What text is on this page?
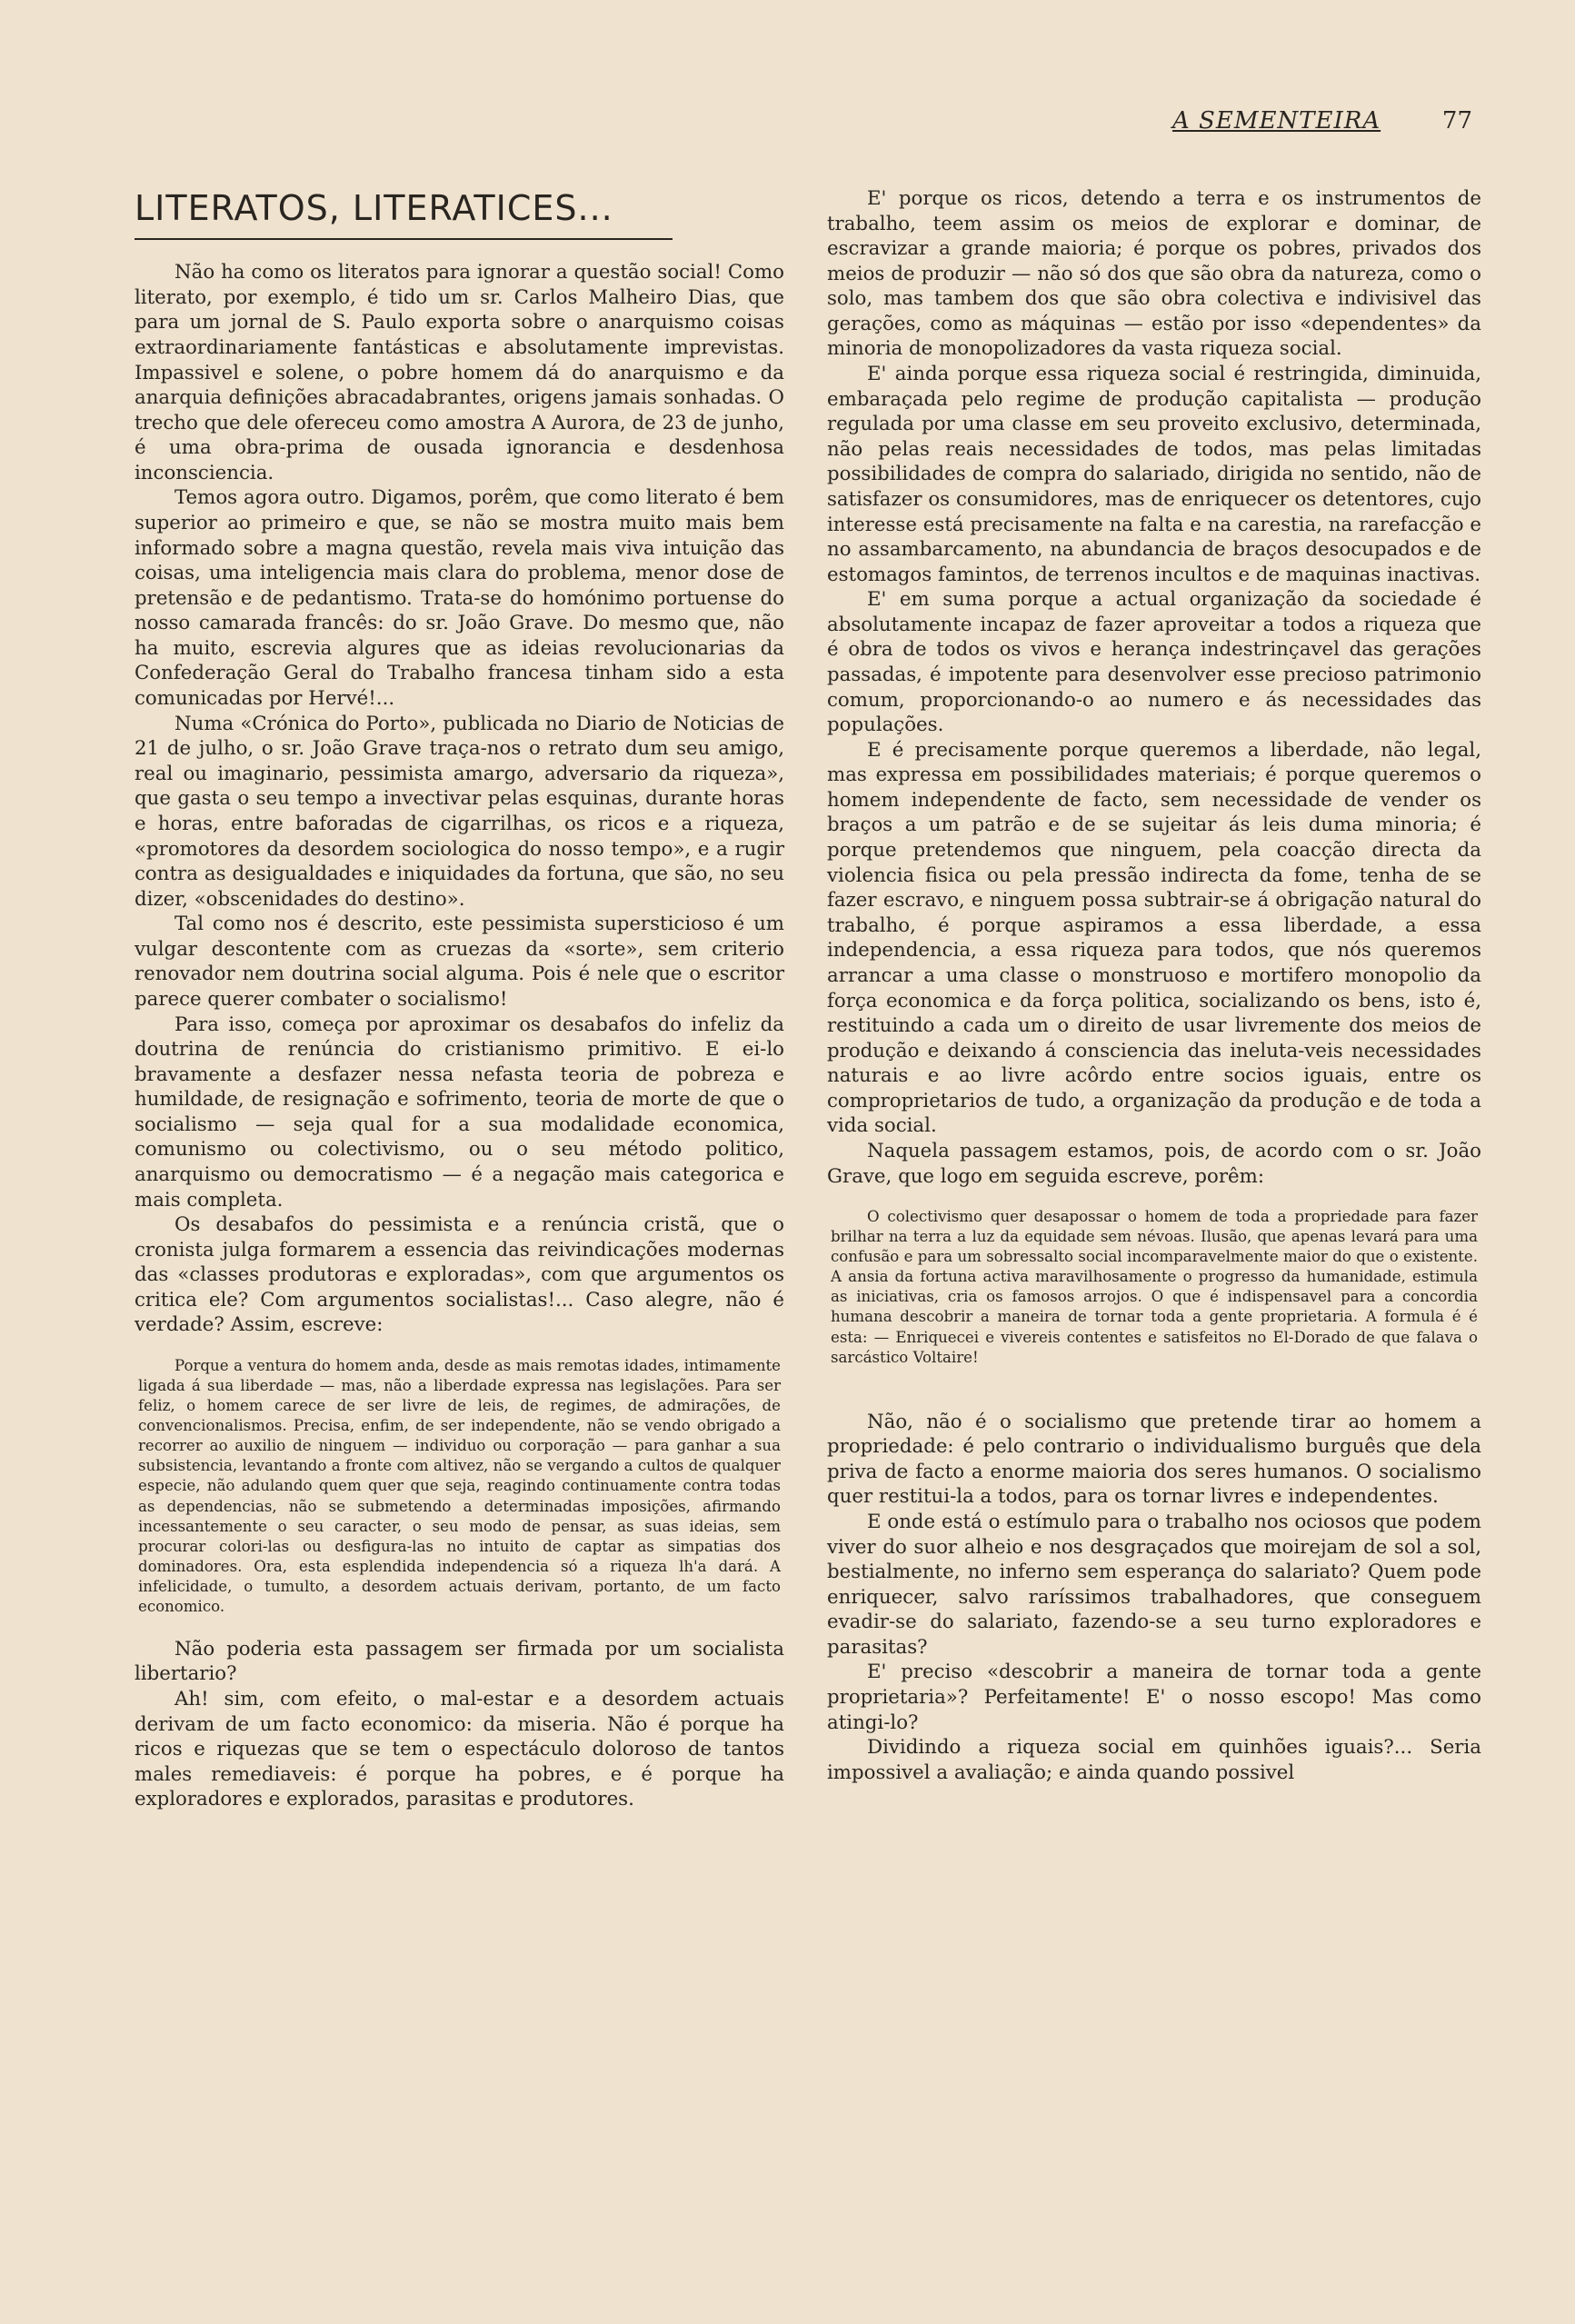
A SEMENTEIRA	77
LITERATOS, LITERATICES...

Não ha como os literatos para ignorar a questão social! Como literato, por exemplo, é tido um sr. Carlos Malheiro Dias, que para um jornal de S. Paulo exporta sobre o anarquismo coisas extraordinariamente fantásticas e absolutamente imprevistas. Impassivel e solene, o pobre homem dá do anarquismo e da anarquia definições abracadabrantes, origens jamais sonhadas. O trecho que dele ofereceu como amostra A Aurora, de 23 de junho, é uma obra-prima de ousada ignorancia e desdenhosa inconsciencia.

Temos agora outro. Digamos, porêm, que como literato é bem superior ao primeiro e que, se não se mostra muito mais bem informado sobre a magna questão, revela mais viva intuição das coisas, uma inteligencia mais clara do problema, menor dose de pretensão e de pedantismo. Trata-se do homónimo portuense do nosso camarada francês: do sr. João Grave. Do mesmo que, não ha muito, escrevia algures que as ideias revolucionarias da Confederação Geral do Trabalho francesa tinham sido a esta comunicadas por Hervé!...

Numa «Crónica do Porto», publicada no Diario de Noticias de 21 de julho, o sr. João Grave traça-nos o retrato dum seu amigo, real ou imaginario, pessimista amargo, adversario da riqueza», que gasta o seu tempo a invectivar pelas esquinas, durante horas e horas, entre baforadas de cigarrilhas, os ricos e a riqueza, «promotores da desordem sociologica do nosso tempo», e a rugir contra as desigualdades e iniquidades da fortuna, que são, no seu dizer, «obscenidades do destino».

Tal como nos é descrito, este pessimista supersticioso é um vulgar descontente com as cruezas da «sorte», sem criterio renovador nem doutrina social alguma. Pois é nele que o escritor parece querer combater o socialismo!

Para isso, começa por aproximar os desabafos do infeliz da doutrina de renúncia do cristianismo primitivo. E ei-lo bravamente a desfazer nessa nefasta teoria de pobreza e humildade, de resignação e sofrimento, teoria de morte de que o socialismo — seja qual for a sua modalidade economica, comunismo ou colectivismo, ou o seu método politico, anarquismo ou democratismo — é a negação mais categorica e mais completa.

Os desabafos do pessimista e a renúncia cristã, que o cronista julga formarem a essencia das reivindicações modernas das «classes produtoras e exploradas», com que argumentos os critica ele? Com argumentos socialistas!... Caso alegre, não é verdade? Assim, escreve:

Porque a ventura do homem anda, desde as mais remotas idades, intimamente ligada á sua liberdade — mas, não a liberdade expressa nas legislações. Para ser feliz, o homem carece de ser livre de leis, de regimes, de admirações, de convencionalismos. Precisa, enfim, de ser independente, não se vendo obrigado a recorrer ao auxilio de ninguem — individuo ou corporação — para ganhar a sua subsistencia, levantando a fronte com altivez, não se vergando a cultos de qualquer especie, não adulando quem quer que seja, reagindo continuamente contra todas as dependencias, não se submetendo a determinadas imposições, afirmando incessantemente o seu caracter, o seu modo de pensar, as suas ideias, sem procurar colori-las ou desfigura-las no intuito de captar as simpatias dos dominadores. Ora, esta esplendida independencia só a riqueza lh'a dará. A infelicidade, o tumulto, a desordem actuais derivam, portanto, de um facto economico.

Não poderia esta passagem ser firmada por um socialista libertario?

Ah! sim, com efeito, o mal-estar e a desordem actuais derivam de um facto economico: da miseria. Não é porque ha ricos e riquezas que se tem o espectáculo doloroso de tantos males remediaveis: é porque ha pobres, e é porque ha exploradores e explorados, parasitas e produtores.

E' porque os ricos, detendo a terra e os instrumentos de trabalho, teem assim os meios de explorar e dominar, de escravizar a grande maioria; é porque os pobres, privados dos meios de produzir — não só dos que são obra da natureza, como o solo, mas tambem dos que são obra colectiva e indivisivel das gerações, como as máquinas — estão por isso «dependentes» da minoria de monopolizadores da vasta riqueza social.

E' ainda porque essa riqueza social é restringida, diminuida, embaraçada pelo regime de produção capitalista — produção regulada por uma classe em seu proveito exclusivo, determinada, não pelas reais necessidades de todos, mas pelas limitadas possibilidades de compra do salariado, dirigida no sentido, não de satisfazer os consumidores, mas de enriquecer os detentores, cujo interesse está precisamente na falta e na carestia, na rarefacção e no assambarcamento, na abundancia de braços desocupados e de estomagos famintos, de terrenos incultos e de maquinas inactivas.

E' em suma porque a actual organização da sociedade é absolutamente incapaz de fazer aproveitar a todos a riqueza que é obra de todos os vivos e herança indestrinçavel das gerações passadas, é impotente para desenvolver esse precioso patrimonio comum, proporcionando-o ao numero e ás necessidades das populações.

E é precisamente porque queremos a liberdade, não legal, mas expressa em possibilidades materiais; é porque queremos o homem independente de facto, sem necessidade de vender os braços a um patrão e de se sujeitar ás leis duma minoria; é porque pretendemos que ninguem, pela coacção directa da violencia fisica ou pela pressão indirecta da fome, tenha de se fazer escravo, e ninguem possa subtrair-se á obrigação natural do trabalho, é porque aspiramos a essa liberdade, a essa independencia, a essa riqueza para todos, que nós queremos arrancar a uma classe o monstruoso e mortifero monopolio da força economica e da força politica, socializando os bens, isto é, restituindo a cada um o direito de usar livremente dos meios de produção e deixando á consciencia das ineluta-veis necessidades naturais e ao livre acôrdo entre socios iguais, entre os comproprietarios de tudo, a organização da produção e de toda a vida social.

Naquela passagem estamos, pois, de acordo com o sr. João Grave, que logo em seguida escreve, porêm:

O colectivismo quer desapossar o homem de toda a propriedade para fazer brilhar na terra a luz da equidade sem névoas. Ilusão, que apenas levará para uma confusão e para um sobressalto social incomparavelmente maior do que o existente. A ansia da fortuna activa maravilhosamente o progresso da humanidade, estimula as iniciativas, cria os famosos arrojos. O que é indispensavel para a concordia humana descobrir a maneira de tornar toda a gente proprietaria. A formula é é esta: — Enriquecei e vivereis contentes e satisfeitos no El-Dorado de que falava o sarcástico Voltaire!

Não, não é o socialismo que pretende tirar ao homem a propriedade: é pelo contrario o individualismo burguês que dela priva de facto a enorme maioria dos seres humanos. O socialismo quer restitui-la a todos, para os tornar livres e independentes.

E onde está o estímulo para o trabalho nos ociosos que podem viver do suor alheio e nos desgraçados que moirejam de sol a sol, bestialmente, no inferno sem esperança do salariato? Quem pode enriquecer, salvo raríssimos trabalhadores, que conseguem evadir-se do salariato, fazendo-se a seu turno exploradores e parasitas?

E' preciso «descobrir a maneira de tornar toda a gente proprietaria»? Perfeitamente! E' o nosso escopo! Mas como atingi-lo?

Dividindo a riqueza social em quinhões iguais?... Seria impossivel a avaliação; e ainda quando possivel
